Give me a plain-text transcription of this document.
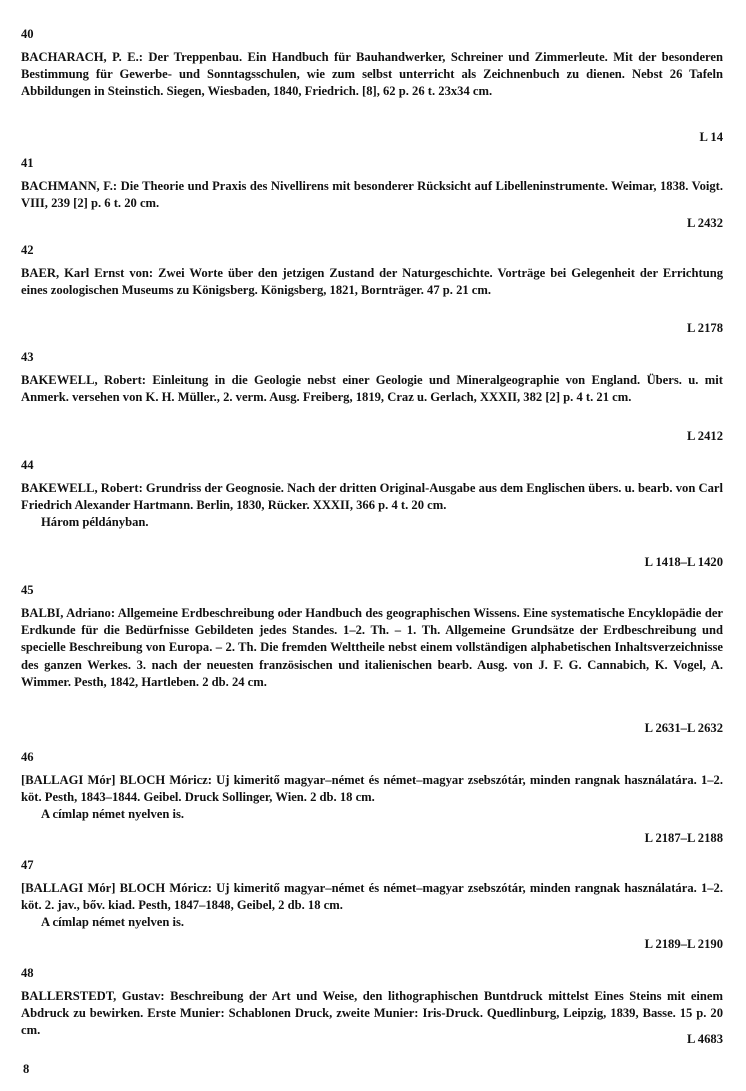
40
BACHARACH, P. E.: Der Treppenbau. Ein Handbuch für Bauhandwerker, Schreiner und Zimmerleute. Mit der besonderen Bestimmung für Gewerbe- und Sonntagsschulen, wie zum selbst unterricht als Zeichnenbuch zu dienen. Nebst 26 Tafeln Abbildungen in Steinstich. Siegen, Wiesbaden, 1840, Friedrich. [8], 62 p. 26 t. 23x34 cm.
L 14
41
BACHMANN, F.: Die Theorie und Praxis des Nivellirens mit besonderer Rücksicht auf Libelleninstrumente. Weimar, 1838. Voigt. VIII, 239 [2] p. 6 t. 20 cm.
L 2432
42
BAER, Karl Ernst von: Zwei Worte über den jetzigen Zustand der Naturgeschichte. Vorträge bei Gelegenheit der Errichtung eines zoologischen Museums zu Königsberg. Königsberg, 1821, Bornträger. 47 p. 21 cm.
L 2178
43
BAKEWELL, Robert: Einleitung in die Geologie nebst einer Geologie und Mineralgeographie von England. Übers. u. mit Anmerk. versehen von K. H. Müller., 2. verm. Ausg. Freiberg, 1819, Craz u. Gerlach, XXXII, 382 [2] p. 4 t. 21 cm.
L 2412
44
BAKEWELL, Robert: Grundriss der Geognosie. Nach der dritten Original-Ausgabe aus dem Englischen übers. u. bearb. von Carl Friedrich Alexander Hartmann. Berlin, 1830, Rücker. XXXII, 366 p. 4 t. 20 cm.
Három példányban.
L 1418–L 1420
45
BALBI, Adriano: Allgemeine Erdbeschreibung oder Handbuch des geographischen Wissens. Eine systematische Encyklopädie der Erdkunde für die Bedürfnisse Gebildeten jedes Standes. 1–2. Th. – 1. Th. Allgemeine Grundsätze der Erdbeschreibung und specielle Beschreibung von Europa. – 2. Th. Die fremden Welttheile nebst einem vollständigen alphabetischen Inhaltsverzeichnisse des ganzen Werkes. 3. nach der neuesten französischen und italienischen bearb. Ausg. von J. F. G. Cannabich, K. Vogel, A. Wimmer. Pesth, 1842, Hartleben. 2 db. 24 cm.
L 2631–L 2632
46
[BALLAGI Mór] BLOCH Móricz: Uj kimeritő magyar–német és német–magyar zsebszótár, minden rangnak használatára. 1–2. köt. Pesth, 1843–1844. Geibel. Druck Sollinger, Wien. 2 db. 18 cm.
A címlap német nyelven is.
L 2187–L 2188
47
[BALLAGI Mór] BLOCH Móricz: Uj kimeritő magyar–német és német–magyar zsebszótár, minden rangnak használatára. 1–2. köt. 2. jav., bőv. kiad. Pesth, 1847–1848, Geibel, 2 db. 18 cm.
A címlap német nyelven is.
L 2189–L 2190
48
BALLERSTEDT, Gustav: Beschreibung der Art und Weise, den lithographischen Buntdruck mittelst Eines Steins mit einem Abdruck zu bewirken. Erste Munier: Schablonen Druck, zweite Munier: Iris-Druck. Quedlinburg, Leipzig, 1839, Basse. 15 p. 20 cm.
L 4683
8
